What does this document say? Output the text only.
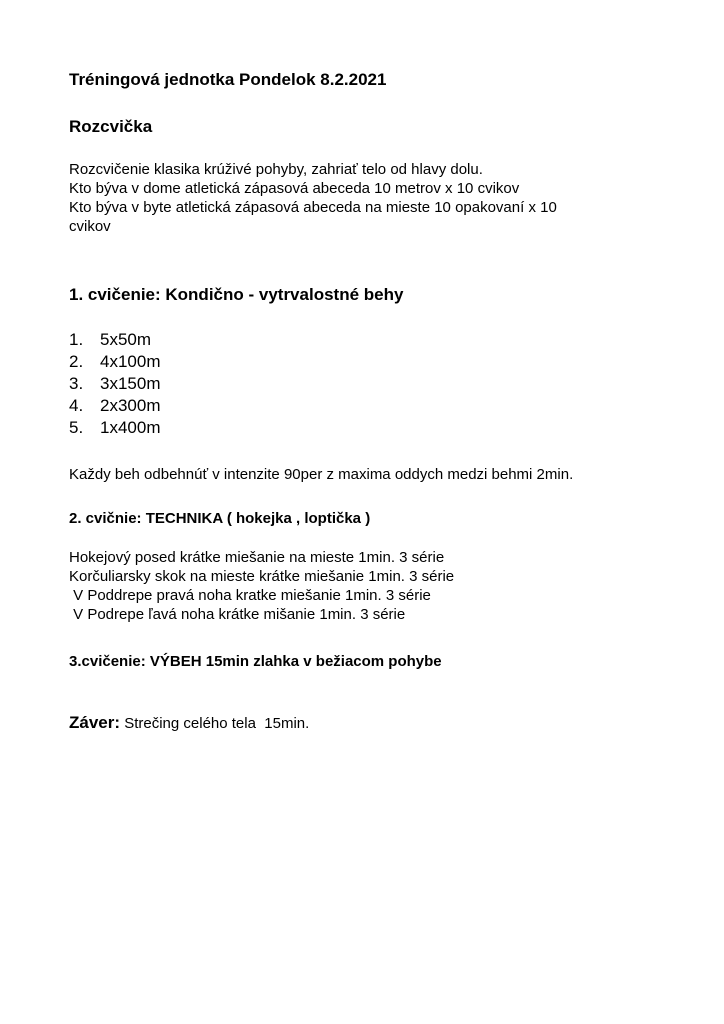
Tréningová jednotka Pondelok 8.2.2021
Rozcvička
Rozcvičenie klasika krúživé pohyby, zahriať telo od hlavy dolu.
Kto býva v dome atletická zápasová abeceda 10 metrov x 10 cvikov
Kto býva v byte atletická zápasová abeceda na mieste 10 opakovaní x 10
cvikov
1. cvičenie: Kondično - vytrvalostné behy
1. 5x50m
2. 4x100m
3. 3x150m
4. 2x300m
5. 1x400m
Každy beh odbehnúť v intenzite 90per z maxima oddych medzi behmi 2min.
2. cvičnie: TECHNIKA ( hokejka , loptička )
Hokejový posed krátke miešanie na mieste 1min. 3 série
Korčuliarsky skok na mieste krátke miešanie 1min. 3 série
V Poddrepe pravá noha kratke miešanie 1min. 3 série
V Podrepe ľavá noha krátke mišanie 1min. 3 série
3.cvičenie: VÝBEH 15min zlahka v bežiacom pohybe
Záver: Strečing celého tela  15min.
